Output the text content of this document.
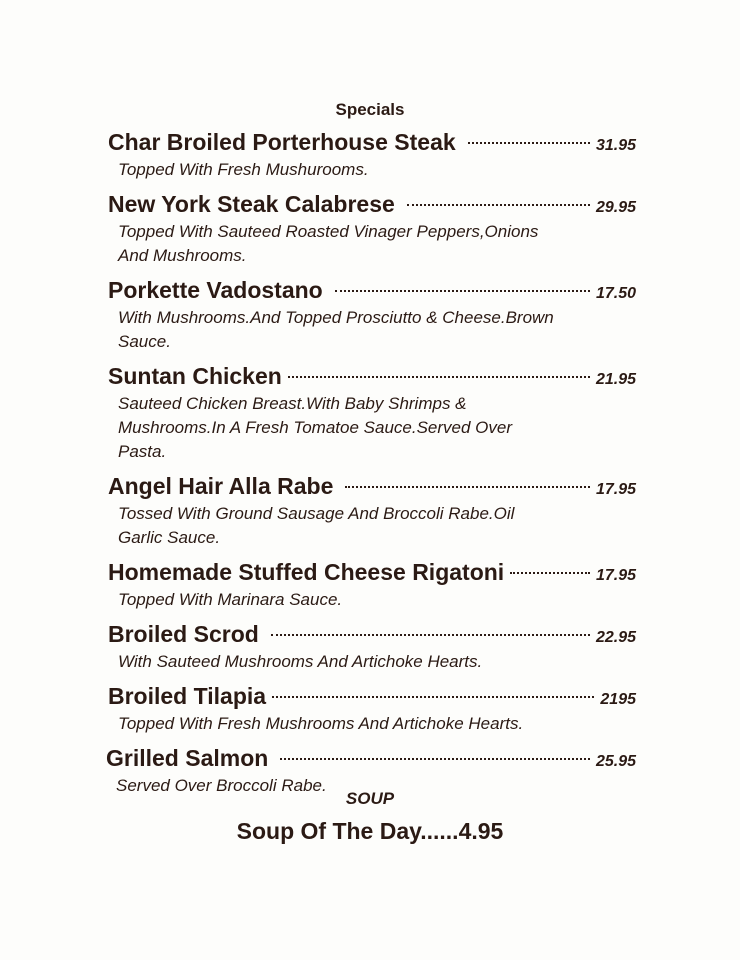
Specials
Char Broiled Porterhouse Steak	31.95
Topped With Fresh Mushurooms.
New York Steak Calabrese	29.95
Topped With Sauteed Roasted Vinager Peppers,Onions And Mushrooms.
Porkette Vadostano	17.50
With Mushrooms.And Topped Prosciutto & Cheese.Brown Sauce.
Suntan Chicken	21.95
Sauteed Chicken Breast.With Baby Shrimps & Mushrooms.In A Fresh Tomatoe Sauce.Served Over Pasta.
Angel Hair Alla Rabe	17.95
Tossed With Ground Sausage And Broccoli Rabe.Oil Garlic Sauce.
Homemade Stuffed Cheese Rigatoni	17.95
Topped With Marinara Sauce.
Broiled Scrod	22.95
With Sauteed Mushrooms And Artichoke Hearts.
Broiled Tilapia	2195
Topped With Fresh Mushrooms And Artichoke Hearts.
Grilled Salmon	25.95
Served Over Broccoli Rabe.
SOUP
Soup Of The Day......4.95
